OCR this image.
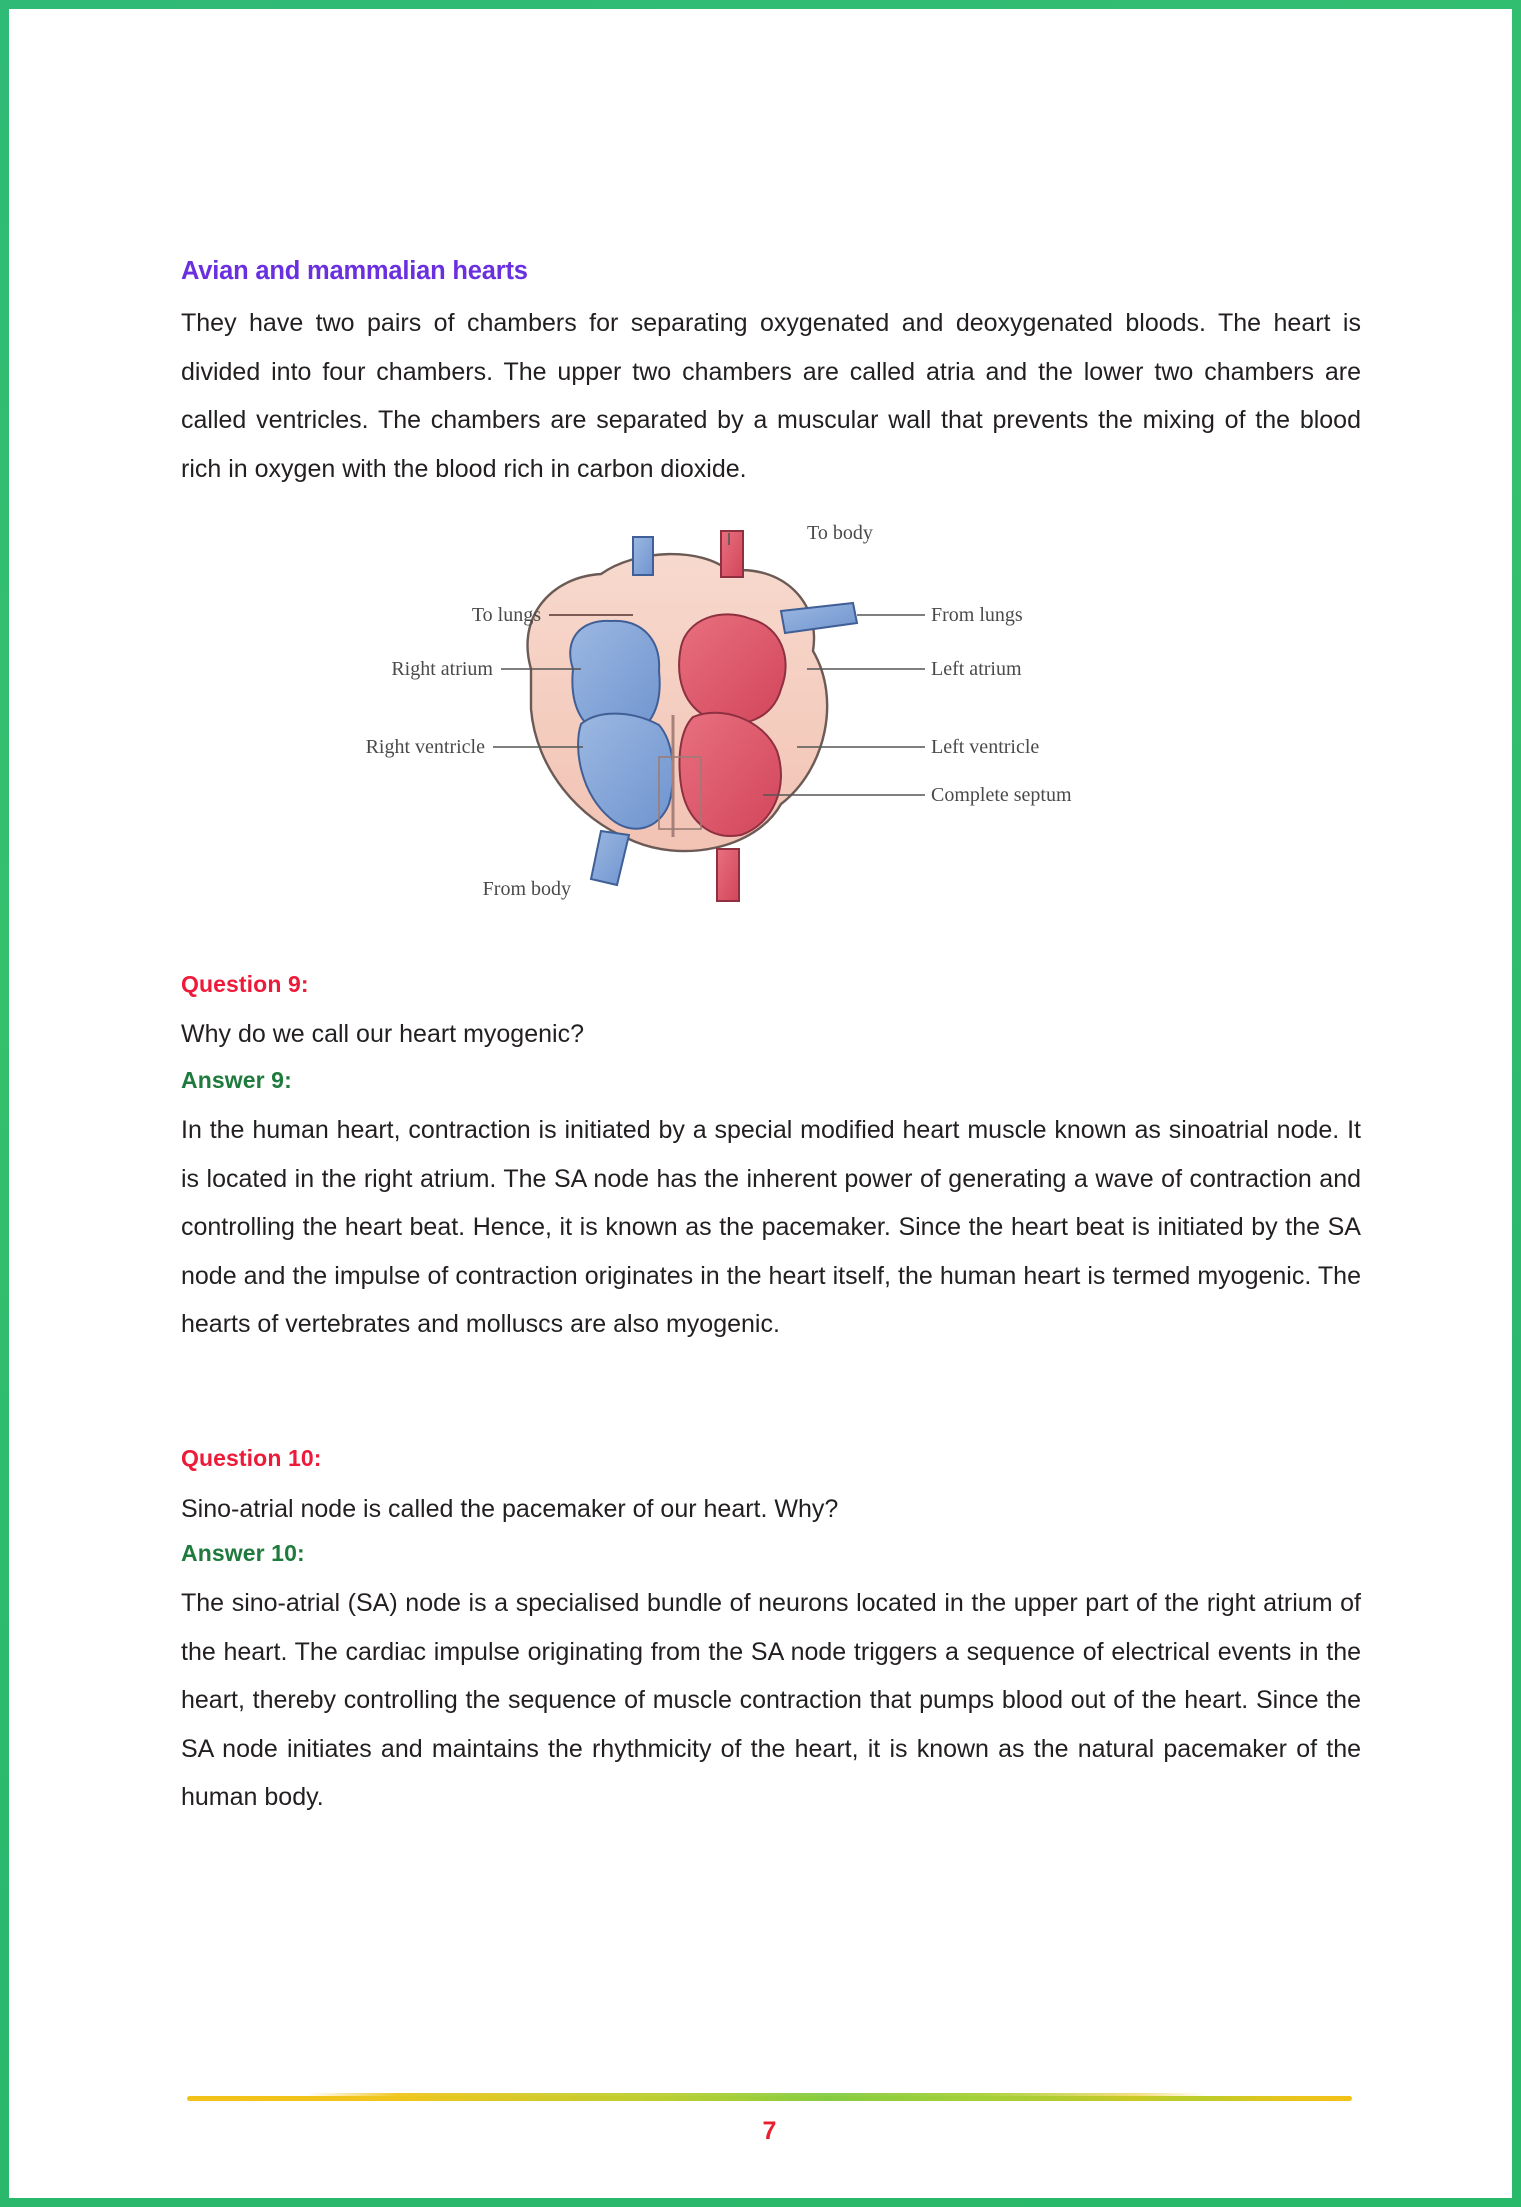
Avian and mammalian hearts
They have two pairs of chambers for separating oxygenated and deoxygenated bloods. The heart is divided into four chambers. The upper two chambers are called atria and the lower two chambers are called ventricles. The chambers are separated by a muscular wall that prevents the mixing of the blood rich in oxygen with the blood rich in carbon dioxide.
To body
To lungs	From lungs
Right atrium	Left atrium
Right ventricle	Left ventricle
Complete septum
From body
Question 9:
Why do we call our heart myogenic?
Answer 9:
In the human heart, contraction is initiated by a special modified heart muscle known as sinoatrial node. It is located in the right atrium. The SA node has the inherent power of generating a wave of contraction and controlling the heart beat. Hence, it is known as the pacemaker. Since the heart beat is initiated by the SA node and the impulse of contraction originates in the heart itself, the human heart is termed myogenic. The hearts of vertebrates and molluscs are also myogenic.
Question 10:
Sino-atrial node is called the pacemaker of our heart. Why?
Answer 10:
The sino-atrial (SA) node is a specialised bundle of neurons located in the upper part of the right atrium of the heart. The cardiac impulse originating from the SA node triggers a sequence of electrical events in the heart, thereby controlling the sequence of muscle contraction that pumps blood out of the heart. Since the SA node initiates and maintains the rhythmicity of the heart, it is known as the natural pacemaker of the human body.
7
